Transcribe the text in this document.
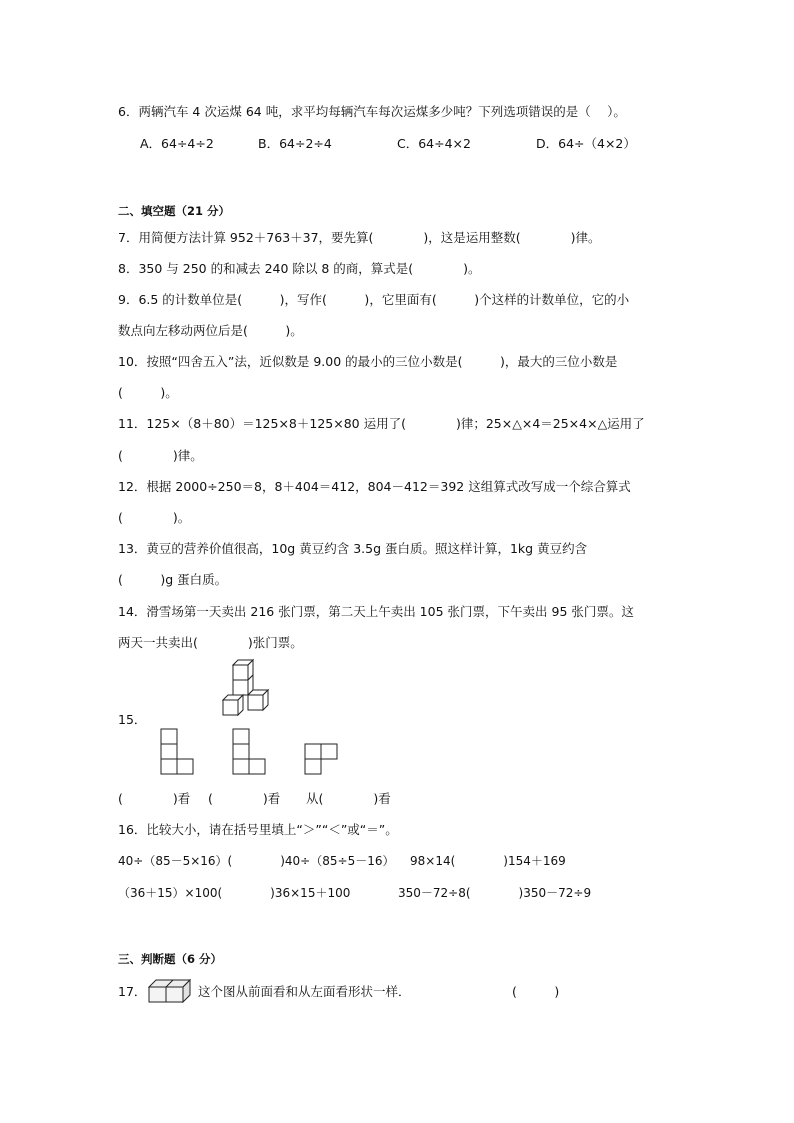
6．两辆汽车 4 次运煤 64 吨，求平均每辆汽车每次运煤多少吨？下列选项错误的是（　 ）。
A．64÷4÷2	B．64÷2÷4	C．64÷4×2	D．64÷（4×2）
二、填空题（21 分）
7．用简便方法计算 952＋763＋37，要先算(　　　　)，这是运用整数(　　　　)律。
8．350 与 250 的和减去 240 除以 8 的商，算式是(　　　　)。
9．6.5 的计数单位是(　　　)，写作(　　　)，它里面有(　　　)个这样的计数单位，它的小
数点向左移动两位后是(　　　)。
10．按照“四舍五入”法，近似数是 9.00 的最小的三位小数是(　　　)，最大的三位小数是
(　　　)。
11．125×（8＋80）＝125×8＋125×80 运用了(　　　　)律；25×△×4＝25×4×△运用了
(　　　　)律。
12．根据 2000÷250＝8，8＋404＝412，804－412＝392 这组算式改写成一个综合算式
(　　　　)。
13．黄豆的营养价值很高，10g 黄豆约含 3.5g 蛋白质。照这样计算，1kg 黄豆约含
(　　　)g 蛋白质。
14．滑雪场第一天卖出 216 张门票，第二天上午卖出 105 张门票，下午卖出 95 张门票。这
两天一共卖出(　　　　)张门票。
15．
(　　　　)看 (　　　　)看 从(　　　　)看
16．比较大小，请在括号里填上“＞”“＜”或“＝”。
40÷（85－5×16）(　　　　)40÷（85÷5－16） 98×14(　　　　)154＋169
（36＋15）×100(　　　　)36×15＋100	350－72÷8(　　　　)350－72÷9
三、判断题（6 分）
17．	这个图从前面看和从左面看形状一样．	(　　　)
